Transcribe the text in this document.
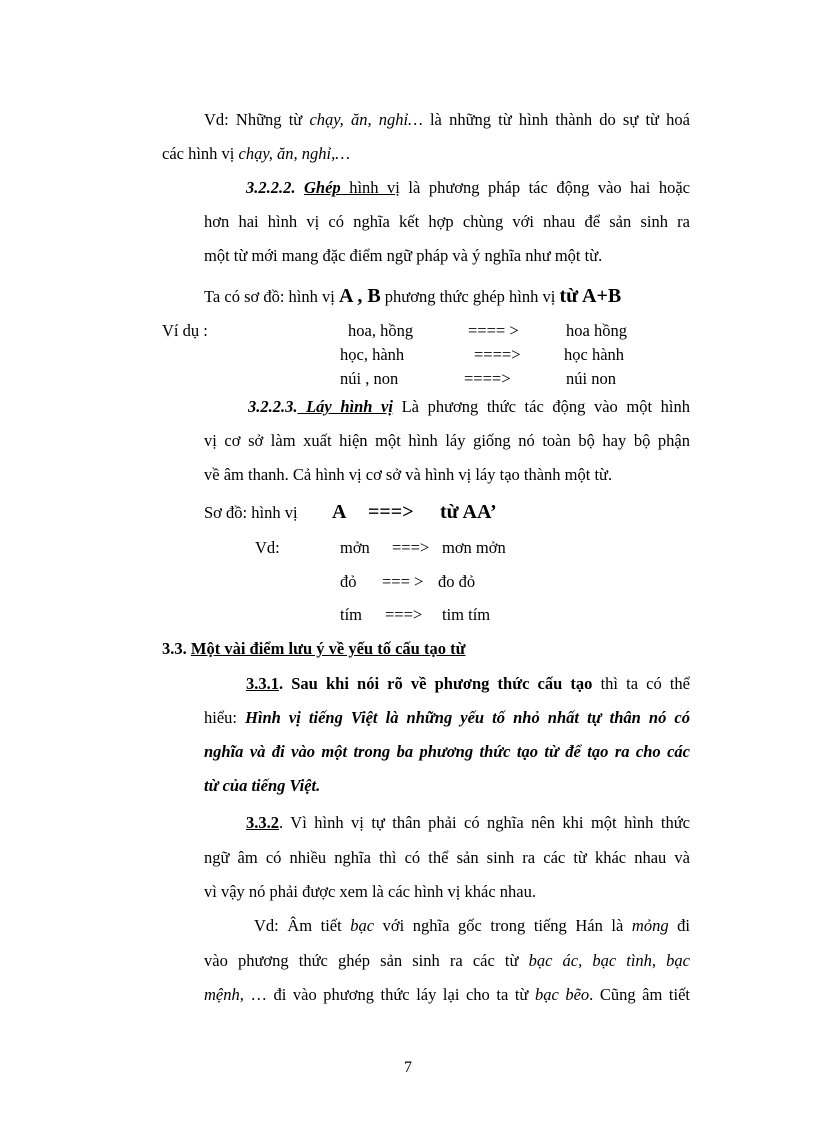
Vd: Những từ chạy, ăn, nghỉ… là những từ hình thành do sự từ hoá
các hình vị chạy, ăn, nghỉ,…
3.2.2.2. Ghép hình vị là phương pháp tác động vào hai hoặc
hơn hai hình vị có nghĩa kết hợp chùng với nhau để sản sinh ra
một từ mới mang đặc điểm ngữ pháp và ý nghĩa như một từ.
Ta có sơ đồ: hình vị A , B phương thức ghép hình vị từ A+B
Ví dụ :	hoa, hồng	==== >	hoa hồng
học, hành	====>	học hành
núi , non	====>	núi non
3.2.2.3. Láy hình vị Là phương thức tác động vào một hình
vị cơ sở làm xuất hiện một hình láy giống nó toàn bộ hay bộ phận
về âm thanh. Cả hình vị cơ sở và hình vị láy tạo thành một từ.
Sơ đồ: hình vị A ===> từ AA’
Vd:	mởn ===> mơn mởn
đỏ === > đo đỏ
tím ===> tim tím
3.3. Một vài điểm lưu ý về yếu tố cấu tạo từ
3.3.1. Sau khi nói rõ về phương thức cấu tạo thì ta có thể
hiểu: Hình vị tiếng Việt là những yếu tố nhỏ nhất tự thân nó có
nghĩa và đi vào một trong ba phương thức tạo từ để tạo ra cho các
từ của tiếng Việt.
3.3.2. Vì hình vị tự thân phải có nghĩa nên khi một hình thức
ngữ âm có nhiều nghĩa thì có thể sản sinh ra các từ khác nhau và
vì vậy nó phải được xem là các hình vị khác nhau.
Vd: Âm tiết bạc với nghĩa gốc trong tiếng Hán là mỏng đi
vào phương thức ghép sản sinh ra các từ bạc ác, bạc tình, bạc
mệnh, … đi vào phương thức láy lại cho ta từ bạc bẽo. Cũng âm tiết
7
